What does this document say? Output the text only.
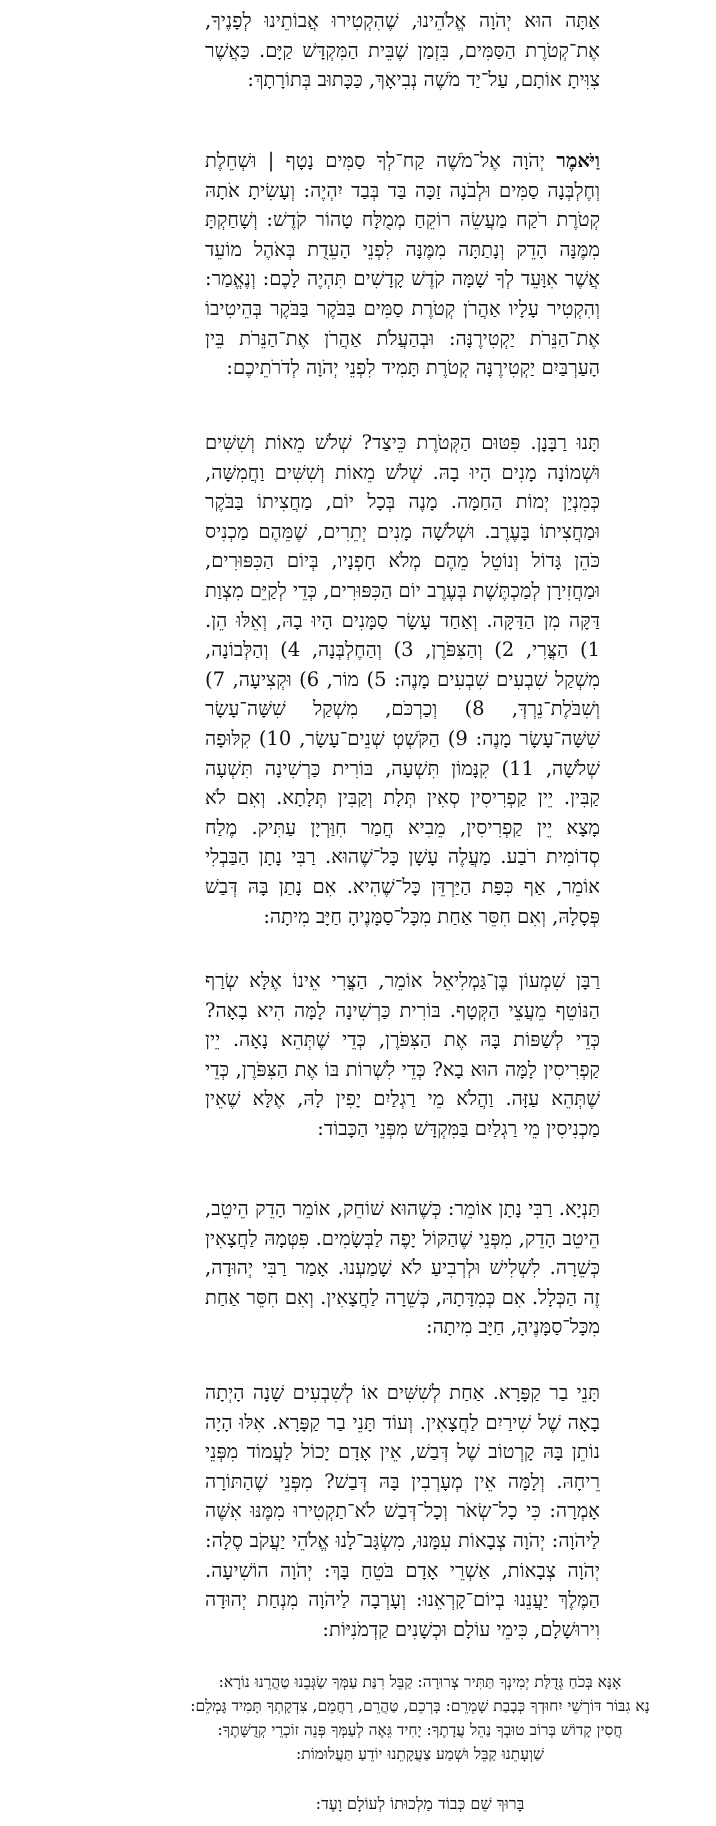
אַתָּה הוּא יְהֹוָה אֱלֹהֵינוּ, שֶׁהִקְטִירוּ אֲבוֹתֵינוּ לְפָנֶיךָ, אֶת־קְטֹרֶת הַסַּמִּים, בִּזְמַן שֶׁבֵּית הַמִּקְדָּשׁ קַיָּם. כַּאֲשֶׁר צִוִּיתָ אוֹתָם, עַל־יַד מֹשֶׁה נְבִיאָךְ, כַּכָּתוּב בְּתוֹרָתָךְ:

וַיֹּאמֶר יְהֹוָה אֶל־מֹשֶׁה קַח־לְךָ סַמִּים נָטָף | וּשְׁחֵלֶת וְחֶלְבְּנָה סַמִּים וּלְבֹנָה זַכָּה בַּד בְּבַד יִהְיֶה: וְעָשִׂיתָ אֹתָהּ קְטֹרֶת רֹקַח מַעֲשֵׂה רוֹקֵחַ מְמֻלָּח טָהוֹר קֹדֶשׁ: וְשָׁחַקְתָּ מִמֶּנָּה הָדֵק וְנָתַתָּה מִמֶּנָּה לִפְנֵי הָעֵדֻת בְּאֹהֶל מוֹעֵד אֲשֶׁר אִוָּעֵד לְךָ שָׁמָּה קֹדֶשׁ קָדָשִׁים תִּהְיֶה לָכֶם: וְנֶאֱמַר: וְהִקְטִיר עָלָיו אַהֲרֹן קְטֹרֶת סַמִּים בַּבֹּקֶר בַּבֹּקֶר בְּהֵיטִיבוֹ אֶת־הַנֵּרֹת יַקְטִירֶנָּה: וּבְהַעֲלֹת אַהֲרֹן אֶת־הַנֵּרֹת בֵּין הָעַרְבַּיִם יַקְטִירֶנָּה קְטֹרֶת תָּמִיד לִפְנֵי יְהֹוָה לְדֹרֹתֵיכֶם:

תָּנוּ רַבָּנָן. פִּטּוּם הַקְּטֹרֶת כֵּיצַד? שְׁלֹשׁ מֵאוֹת וְשִׁשִּׁים וּשְׁמוֹנָה מָנִים הָיוּ בָהּ. שְׁלֹשׁ מֵאוֹת וְשִׁשִּׁים וַחֲמִשָּׁה, כְּמִנְיַן יְמוֹת הַחַמָּה. מָנֶה בְּכָל יוֹם, מַחֲצִיתוֹ בַּבֹּקֶר וּמַחֲצִיתוֹ בָּעֶרֶב. וּשְׁלֹשָׁה מָנִים יְתֵרִים, שֶׁמֵּהֶם מַכְנִיס כֹּהֵן גָּדוֹל וְנוֹטֵל מֵהֶם מְלֹא חָפְנָיו, בְּיוֹם הַכִּפּוּרִים, וּמַחֲזִירָן לְמַכְתֶּשֶׁת בְּעֶרֶב יוֹם הַכִּפּוּרִים, כְּדֵי לְקַיֵּם מִצְוַת דַּקָּה מִן הַדַּקָּה. וְאַחַד עָשָׂר סַמָּנִים הָיוּ בָהּ, וְאֵלּוּ הֵן. 1) הַצֳּרִי, 2) וְהַצִּפֹּרֶן, 3) וְהַחֶלְבְּנָה, 4) וְהַלְּבוֹנָה, מִשְׁקַל שִׁבְעִים שִׁבְעִים מָנֶה: 5) מוֹר, 6) וּקְצִיעָה, 7) וְשִׁבֹּלֶת־נֵרְדְּ, 8) וְכַרְכֹּם, מִשְׁקַל שִׁשָּׁה־עָשָׂר שִׁשָּׁה־עָשָׂר מָנֶה: 9) הַקֹּשְׁטְ שְׁנֵים־עָשָׂר, 10) קִלּוּפָה שְׁלֹשָׁה, 11) קִנָּמוֹן תִּשְׁעָה, בּוֹרִית כַּרְשִׁינָה תִּשְׁעָה קַבִּין. יֵין קַפְרִיסִין סְאִין תְּלָת וְקַבִּין תְּלָתָא. וְאִם לֹא מָצָא יֵין קַפְרִיסִין, מֵבִיא חֲמַר חִוַּרְיָן עַתִּיק. מֶלַח סְדוֹמִית רֹבַע. מַעֲלֶה עָשָׁן כָּל־שֶׁהוּא. רַבִּי נָתָן הַבַּבְלִי אוֹמֵר, אַף כִּפַּת הַיַּרְדֵּן כָּל־שֶׁהִיא. אִם נָתַן בָּהּ דְּבַשׁ פְּסָלָהּ, וְאִם חִסֵּר אַחַת מִכָּל־סַמָּנֶיהָ חַיָּב מִיתָה:

רַבָּן שִׁמְעוֹן בֶּן־גַּמְלִיאֵל אוֹמֵר, הַצֳּרִי אֵינוֹ אֶלָּא שְׂרַף הַנּוֹטֵף מֵעֲצֵי הַקְּטָף. בּוֹרִית כַּרְשִׁינָה לָמָּה הִיא בָאָה? כְּדֵי לְשַׁפּוֹת בָּהּ אֶת הַצִּפֹּרֶן, כְּדֵי שֶׁתְּהֵא נָאָה. יֵין קַפְרִיסִין לָמָּה הוּא בָא? כְּדֵי לִשְׁרוֹת בּוֹ אֶת הַצִּפֹּרֶן, כְּדֵי שֶׁתְּהֵא עַזָּה. וַהֲלֹא מֵי רַגְלַיִם יָפִין לָהּ, אֶלָּא שֶׁאֵין מַכְנִיסִין מֵי רַגְלַיִם בַּמִּקְדָּשׁ מִפְּנֵי הַכָּבוֹד:

תַּנְיָא. רַבִּי נָתָן אוֹמֵר: כְּשֶׁהוּא שׁוֹחֵק, אוֹמֵר הָדֵק הֵיטֵב, הֵיטֵב הָדֵק, מִפְּנֵי שֶׁהַקּוֹל יָפֶה לַבְּשָׂמִים. פִּטְּמָהּ לַחֲצָאִין כְּשֵׁרָה. לִשְׁלִישׁ וּלְרְבִיעַ לֹא שָׁמַעְנוּ. אָמַר רַבִּי יְהוּדָה, זֶה הַכְּלָל. אִם כְּמִדָּתָהּ, כְּשֵׁרָה לַחֲצָאִין. וְאִם חִסֵּר אַחַת מִכָּל־סַמָּנֶיהָ, חַיָּב מִיתָה:

תָּנֵי בַר קַפָּרָא. אַחַת לְשִׁשִּׁים אוֹ לְשִׁבְעִים שָׁנָה הָיְתָה בָאָה שֶׁל שִׁירַיִם לַחֲצָאִין. וְעוֹד תָּנֵי בַר קַפָּרָא. אִלּוּ הָיָה נוֹתֵן בָּהּ קָרְטוֹב שֶׁל דְּבַשׁ, אֵין אָדָם יָכוֹל לַעֲמוֹד מִפְּנֵי רֵיחָהּ. וְלָמָּה אֵין מְעָרְבִין בָּהּ דְּבַשׁ? מִפְּנֵי שֶׁהַתּוֹרָה אָמְרָה: כִּי כָל־שְׂאֹר וְכָל־דְּבַשׁ לֹא־תַקְטִירוּ מִמֶּנּוּ אִשֶּׁה לַיהֹוָה: יְהֹוָה צְבָאוֹת עִמָּנוּ, מִשְׂגָּב־לָנוּ אֱלֹהֵי יַעֲקֹב סֶלָה: יְהֹוָה צְבָאוֹת, אַשְׁרֵי אָדָם בֹּטֵחַ בָּךְ: יְהֹוָה הוֹשִׁיעָה. הַמֶּלֶךְ יַעֲנֵנוּ בְיוֹם־קָרְאֵנוּ: וְעָרְבָה לַיהֹוָה מִנְחַת יְהוּדָה וִירוּשָׁלָם, כִּימֵי עוֹלָם וּכְשָׁנִים קַדְמֹנִיּוֹת:

אָנָּא בְּכֹחַ גְּדֻלַּת יְמִינְךָ תַּתִּיר צְרוּרָה: קַבֵּל רִנַּת עַמְּךָ שַׂגְּבֵנוּ טַהֲרֵנוּ נוֹרָא:
נָא גִבּוֹר דּוֹרְשֵׁי יִחוּדְךָ כְּבָבַת שָׁמְרֵם: בָּרְכֵם, טַהֲרֵם, רַחֲמֵם, צִדְקָתְךָ תָּמִיד גָּמְלֵם:
חֲסִין קָדוֹשׁ בְּרוֹב טוּבְךָ נַהֵל עֲדָתֶךָ: יָחִיד גֵּאֶה לְעַמְּךָ פְּנֵה זוֹכְרֵי קְדֻשָּׁתֶךָ:
שַׁוְעָתֵנוּ קַבֵּל וּשְׁמַע צַעֲקָתֵנוּ יוֹדֵעַ תַּעֲלוּמוֹת:
בָּרוּךְ שֵׁם כְּבוֹד מַלְכוּתוֹ לְעוֹלָם וָעֶד:
